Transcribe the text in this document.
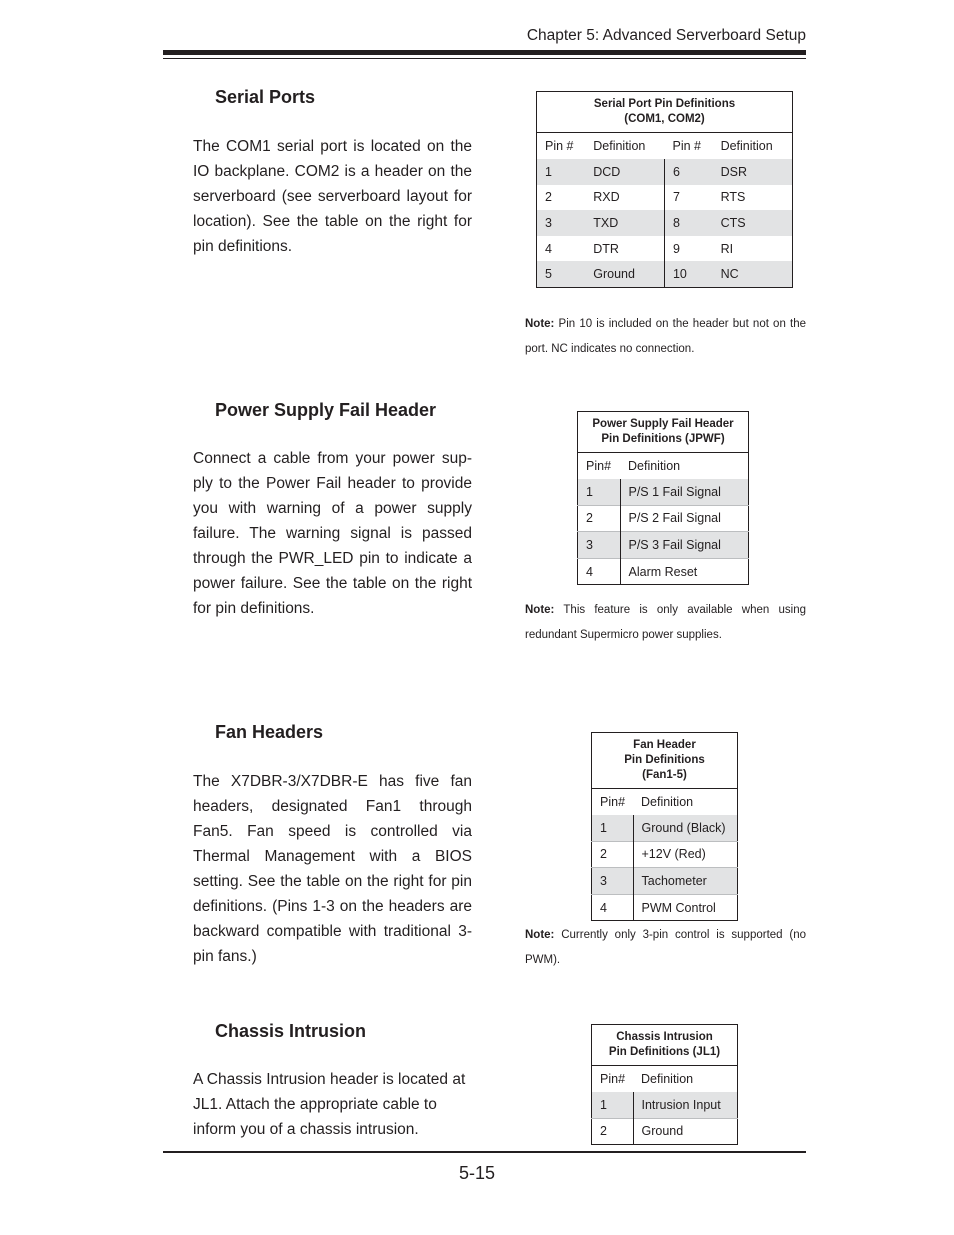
Chapter 5: Advanced Serverboard Setup
Serial Ports

The COM1 serial port is located on the IO backplane. COM2 is a header on the serverboard (see serverboard layout for location). See the table on the right for pin definitions.

Serial Port Pin Definitions
(COM1, COM2)			
Pin #	Definition	Pin #	Definition
1	DCD	6	DSR
2	RXD	7	RTS
3	TXD	8	CTS
4	DTR	9	RI
5	Ground	10	NC

Note: Pin 10 is included on the header but not on the port. NC indicates no connection.

Power Supply Fail Header

Connect a cable from your power sup-ply to the Power Fail header to provide you with warning of a power supply failure. The warning signal is passed through the PWR_LED pin to indicate a power failure. See the table on the right for pin definitions.

Power Supply Fail Header
Pin Definitions (JPWF)	
Pin#	Definition
1	P/S 1 Fail Signal
2	P/S 2 Fail Signal
3	P/S 3 Fail Signal
4	Alarm Reset

Note: This feature is only available when using redundant Supermicro power supplies.

Fan Headers

The X7DBR-3/X7DBR-E has five fan headers, designated Fan1 through Fan5. Fan speed is controlled via Thermal Management with a BIOS setting. See the table on the right for pin definitions. (Pins 1-3 on the headers are backward compatible with traditional 3-pin fans.)

Fan Header
Pin Definitions
(Fan1-5)	
Pin#	Definition
1	Ground (Black)
2	+12V (Red)
3	Tachometer
4	PWM Control

Note: Currently only 3-pin control is supported (no PWM).

Chassis Intrusion

A Chassis Intrusion header is located at JL1. Attach the appropriate cable to inform you of a chassis intrusion.

Chassis Intrusion
Pin Definitions (JL1)	
Pin#	Definition
1	Intrusion Input
2	Ground
5-15
